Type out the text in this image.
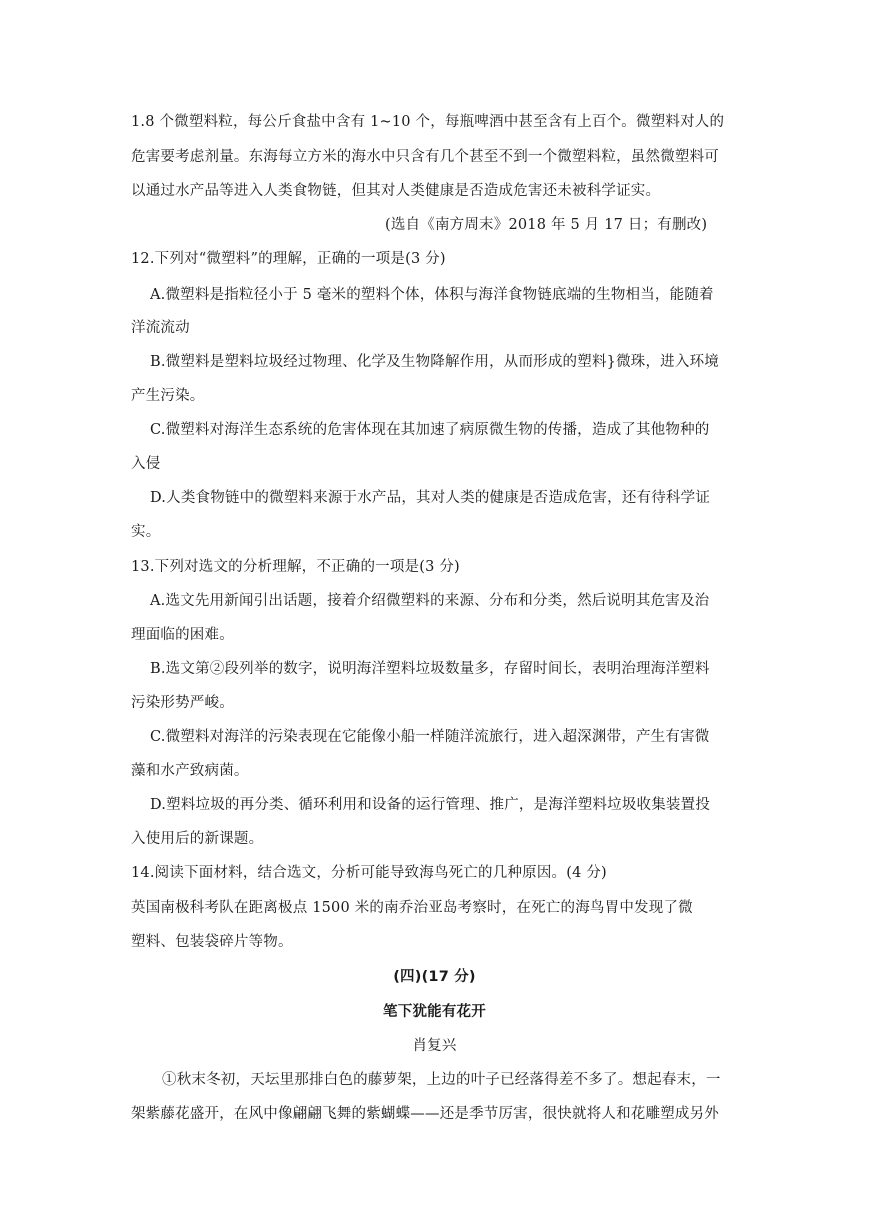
1.8 个微塑料粒，每公斤食盐中含有 1~10 个，每瓶啤酒中甚至含有上百个。微塑料对人的
危害要考虑剂量。东海每立方米的海水中只含有几个甚至不到一个微塑料粒，虽然微塑料可
以通过水产品等进入人类食物链，但其对人类健康是否造成危害还未被科学证实。
(选自《南方周末》2018 年 5 月 17 日；有删改)
12.下列对“微塑料”的理解，正确的一项是(3 分)
A.微塑料是指粒径小于 5 毫米的塑料个体，体积与海洋食物链底端的生物相当，能随着
洋流流动
B.微塑料是塑料垃圾经过物理、化学及生物降解作用，从而形成的塑料}微珠，进入环境
产生污染。
C.微塑料对海洋生态系统的危害体现在其加速了病原微生物的传播，造成了其他物种的
入侵
D.人类食物链中的微塑料来源于水产品，其对人类的健康是否造成危害，还有待科学证
实。
13.下列对选文的分析理解，不正确的一项是(3 分)
A.选文先用新闻引出话题，接着介绍微塑料的来源、分布和分类，然后说明其危害及治
理面临的困难。
B.选文第②段列举的数字，说明海洋塑料垃圾数量多，存留时间长，表明治理海洋塑料
污染形势严峻。
C.微塑料对海洋的污染表现在它能像小船一样随洋流旅行，进入超深渊带，产生有害微
藻和水产致病菌。
D.塑料垃圾的再分类、循环利用和设备的运行管理、推广，是海洋塑料垃圾收集装置投
入使用后的新课题。
14.阅读下面材料，结合选文，分析可能导致海鸟死亡的几种原因。(4 分)
英国南极科考队在距离极点 1500 米的南乔治亚岛考察时，在死亡的海鸟胃中发现了微
塑料、包装袋碎片等物。
(四)(17 分)
笔下犹能有花开
肖复兴
①秋末冬初，天坛里那排白色的藤萝架，上边的叶子已经落得差不多了。想起春末，一
架紫藤花盛开，在风中像翩翩飞舞的紫蝴蝶——还是季节厉害，很快就将人和花雕塑成另外
